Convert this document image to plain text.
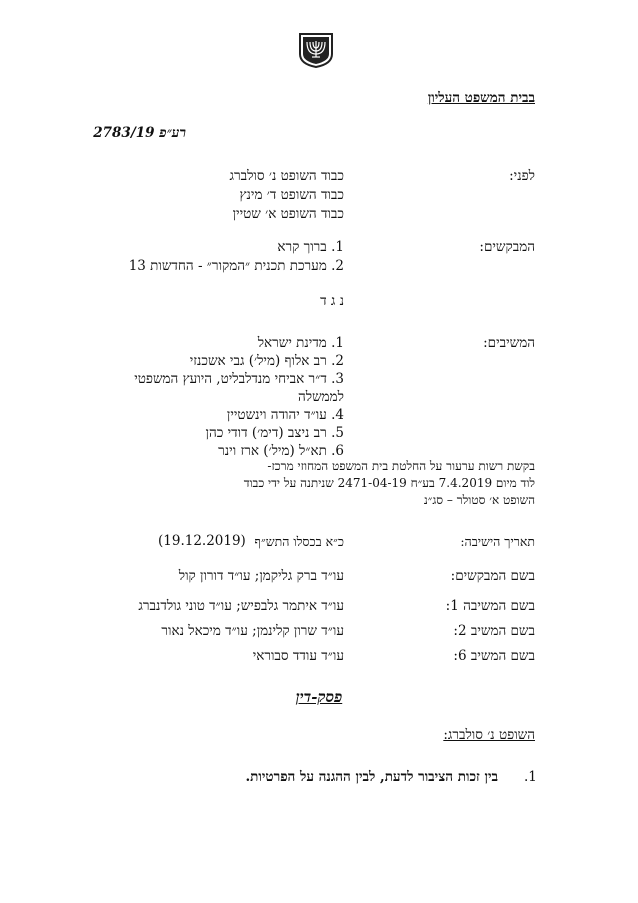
בבית המשפט העליון
רע״פ 2783/19
לפני:
כבוד השופט נ׳ סולברג
כבוד השופט ד׳ מינץ
כבוד השופט א׳ שטיין
המבקשים:
1. ברוך קרא
2. מערכת תכנית ״המקור״ - החדשות 13
נ ג ד
המשיבים:
1. מדינת ישראל
2. רב אלוף (מיל׳) גבי אשכנזי
3. ד״ר אביחי מנדלבליט, היועץ המשפטי
לממשלה
4. עו״ד יהודה וינשטיין
5. רב ניצב (דימ׳) דודי כהן
6. תא״ל (מיל׳) ארז וינר
בקשת רשות ערעור על החלטת בית המשפט המחוזי מרכז-
לוד מיום 7.4.2019 בע״ח 2471-04-19 שניתנה על ידי כבוד
השופט א׳ סטולר – סג״נ
תאריך הישיבה:
כ״א בכסלו התש״ף
(19.12.2019)
בשם המבקשים:
עו״ד ברק גליקמן; עו״ד דורון קול
בשם המשיבה 1:
עו״ד איתמר גלבפיש; עו״ד טוני גולדנברג
בשם המשיב 2:
עו״ד שרון קלינמן; עו״ד מיכאל נאור
בשם המשיב 6:
עו״ד עודד סבוראי
פסק-דין
השופט נ׳ סולברג:
.1
בין זכות הציבור לדעת, לבין ההגנה על הפרטיות.
